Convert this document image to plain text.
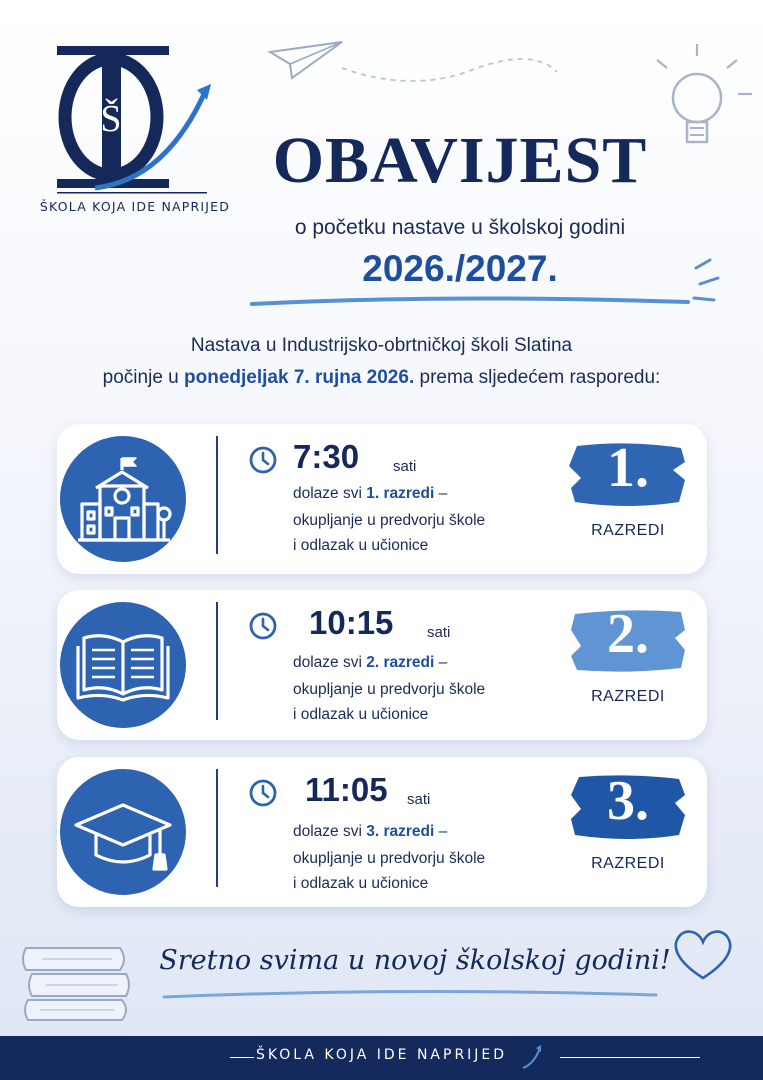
Š
ŠKOLA KOJA IDE NAPRIJED
OBAVIJEST
o početku nastave u školskoj godini
2026./2027.
Nastava u Industrijsko-obrtničkoj školi Slatina
počinje u ponedjeljak 7. rujna 2026. prema sljedećem rasporedu:
7:30 sati
dolaze svi 1. razredi –
okupljanje u predvorju škole
i odlazak u učionice
1.
RAZREDI
10:15 sati
dolaze svi 2. razredi –
okupljanje u predvorju škole
i odlazak u učionice
2.
RAZREDI
11:05 sati
dolaze svi 3. razredi –
okupljanje u predvorju škole
i odlazak u učionice
3.
RAZREDI
Sretno svima u novoj školskoj godini!
ŠKOLA KOJA IDE NAPRIJED
